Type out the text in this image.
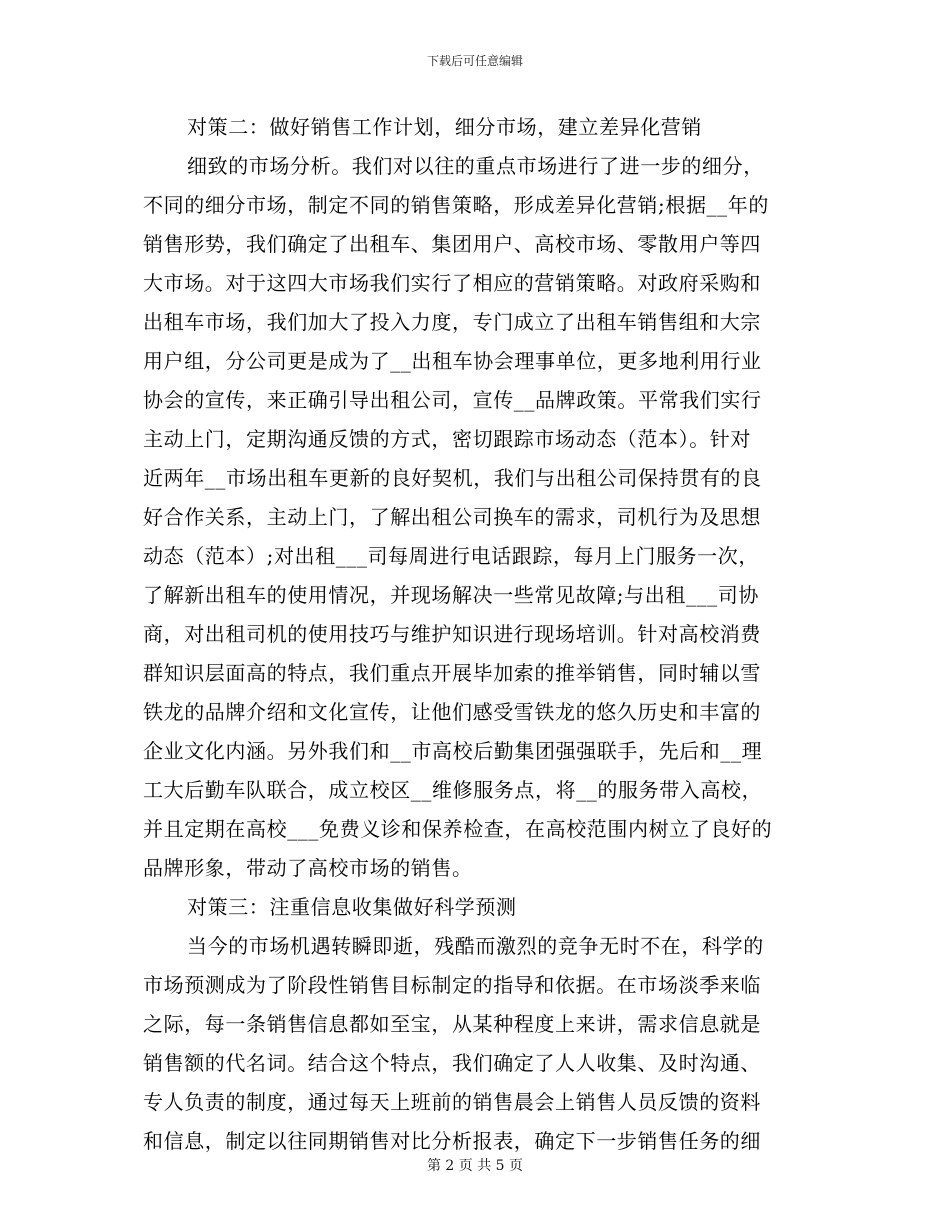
下载后可任意编辑
对策二：做好销售工作计划，细分市场，建立差异化营销
细致的市场分析。我们对以往的重点市场进行了进一步的细分，
不同的细分市场，制定不同的销售策略，形成差异化营销;根据__年的
销售形势，我们确定了出租车、集团用户、高校市场、零散用户等四
大市场。对于这四大市场我们实行了相应的营销策略。对政府采购和
出租车市场，我们加大了投入力度，专门成立了出租车销售组和大宗
用户组，分公司更是成为了__出租车协会理事单位，更多地利用行业
协会的宣传，来正确引导出租公司，宣传__品牌政策。平常我们实行
主动上门，定期沟通反馈的方式，密切跟踪市场动态（范本）。针对
近两年__市场出租车更新的良好契机，我们与出租公司保持贯有的良
好合作关系，主动上门，了解出租公司换车的需求，司机行为及思想
动态（范本）;对出租___司每周进行电话跟踪，每月上门服务一次，
了解新出租车的使用情况，并现场解决一些常见故障;与出租___司协
商，对出租司机的使用技巧与维护知识进行现场培训。针对高校消费
群知识层面高的特点，我们重点开展毕加索的推举销售，同时辅以雪
铁龙的品牌介绍和文化宣传，让他们感受雪铁龙的悠久历史和丰富的
企业文化内涵。另外我们和__市高校后勤集团强强联手，先后和__理
工大后勤车队联合，成立校区__维修服务点，将__的服务带入高校，
并且定期在高校___免费义诊和保养检查，在高校范围内树立了良好的
品牌形象，带动了高校市场的销售。
对策三：注重信息收集做好科学预测
当今的市场机遇转瞬即逝，残酷而激烈的竞争无时不在，科学的
市场预测成为了阶段性销售目标制定的指导和依据。在市场淡季来临
之际，每一条销售信息都如至宝，从某种程度上来讲，需求信息就是
销售额的代名词。结合这个特点，我们确定了人人收集、及时沟通、
专人负责的制度，通过每天上班前的销售晨会上销售人员反馈的资料
和信息，制定以往同期销售对比分析报表，确定下一步销售任务的细
第 2 页 共 5 页
